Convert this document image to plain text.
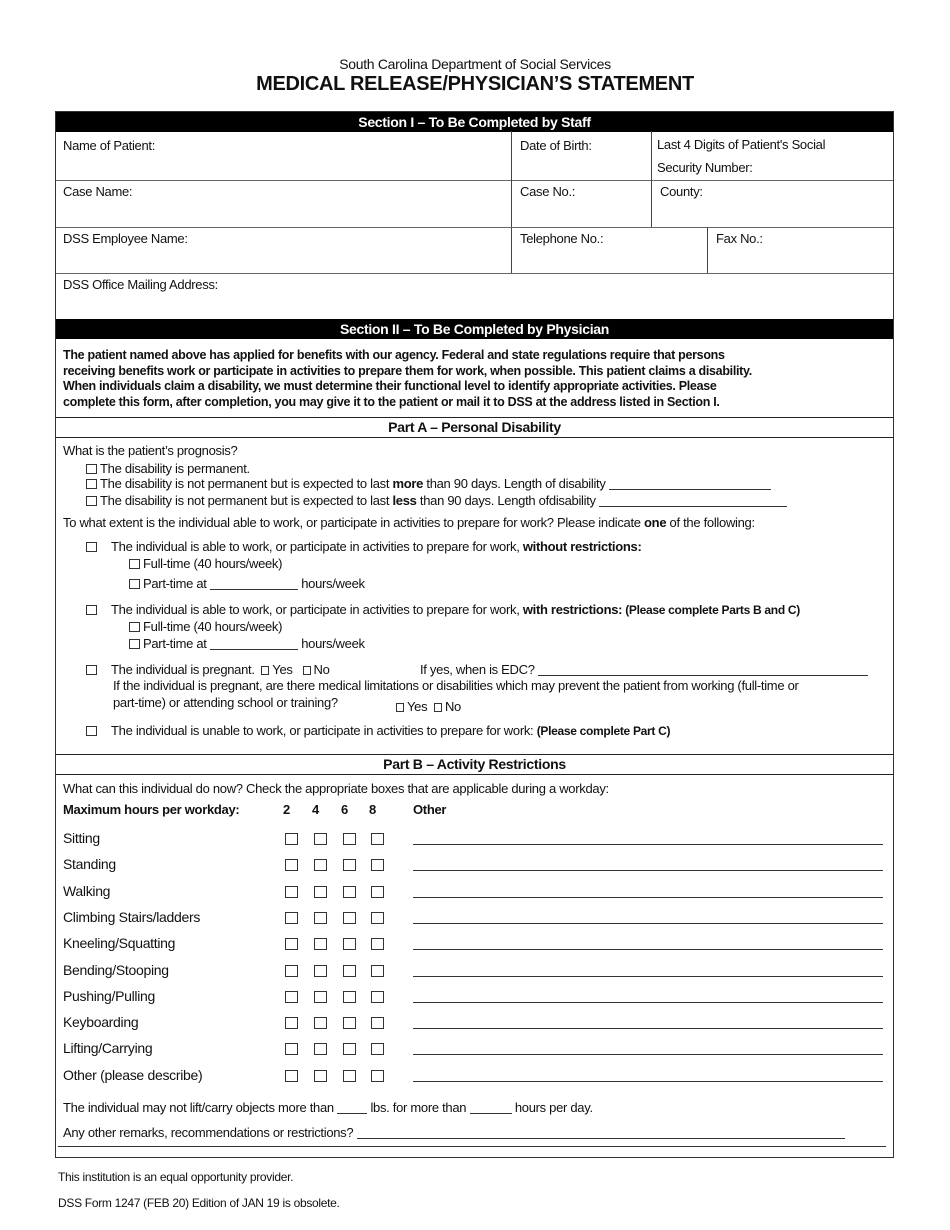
South Carolina Department of Social Services
MEDICAL RELEASE/PHYSICIAN’S STATEMENT
Section I – To Be Completed by Staff
Name of Patient:	Date of Birth:	Last 4 Digits of Patient's Social
Security Number:
Case Name:	Case No.:	County:
DSS Employee Name:	Telephone No.:	Fax No.:
DSS Office Mailing Address:
Section II – To Be Completed by Physician
The patient named above has applied for benefits with our agency. Federal and state regulations require that persons
receiving benefits work or participate in activities to prepare them for work, when possible. This patient claims a disability.
When individuals claim a disability, we must determine their functional level to identify appropriate activities. Please
complete this form, after completion, you may give it to the patient or mail it to DSS at the address listed in Section I.
Part A – Personal Disability
What is the patient’s prognosis?
The disability is permanent.
The disability is not permanent but is expected to last more than 90 days. Length of disability
The disability is not permanent but is expected to last less than 90 days. Length ofdisability
To what extent is the individual able to work, or participate in activities to prepare for work? Please indicate one of the following:
The individual is able to work, or participate in activities to prepare for work, without restrictions:
Full-time (40 hours/week)
Part-time at	hours/week
The individual is able to work, or participate in activities to prepare for work, with restrictions: (Please complete Parts B and C)
Full-time (40 hours/week)
Part-time at	hours/week
The individual is pregnant. Yes No	If yes, when is EDC?
If the individual is pregnant, are there medical limitations or disabilities which may prevent the patient from working (full-time or
part-time) or attending school or training?	Yes No
The individual is unable to work, or participate in activities to prepare for work: (Please complete Part C)
Part B – Activity Restrictions
What can this individual do now? Check the appropriate boxes that are applicable during a workday:
Maximum hours per workday:	2 4 6 8	Other
Sitting
Standing
Walking
Climbing Stairs/ladders
Kneeling/Squatting
Bending/Stooping
Pushing/Pulling
Keyboarding
Lifting/Carrying
Other (please describe)
The individual may not lift/carry objects more than	lbs. for more than	hours per day.
Any other remarks, recommendations or restrictions?
This institution is an equal opportunity provider.
DSS Form 1247 (FEB 20) Edition of JAN 19 is obsolete.
